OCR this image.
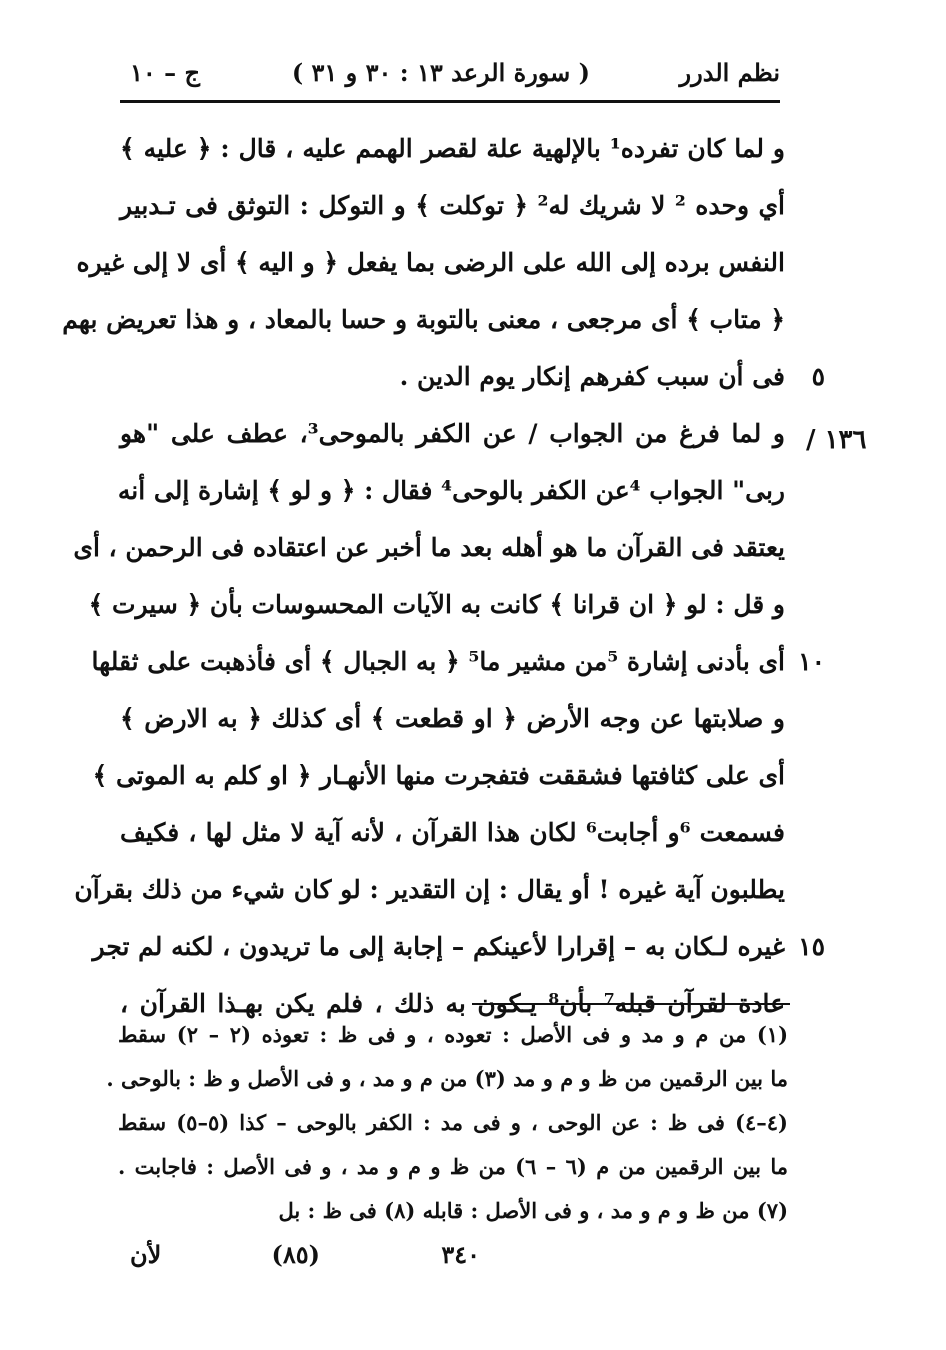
نظم الدرر
( سورة الرعد ١٣ : ٣٠ و ٣١ )
ج – ١٠
١٣٦ /
و لما كان تفرده¹ بالإلهية علة لقصر الهمم عليه ، قال : ﴿ عليه ﴾
أي وحده ² لا شريك له² ﴿ توكلت ﴾ و التوكل : التوثق فى تـدبير
النفس برده إلى الله على الرضى بما يفعل ﴿ و اليه ﴾ أى لا إلى غيره
﴿ متاب ﴾ أى مرجعى ، معنى بالتوبة و حسا بالمعاد ، و هذا تعريض بهم
فى أن سبب كفرهم إنكار يوم الدين . ٥
و لما فرغ من الجواب / عن الكفر بالموحى³، عطف على "هو
ربى" الجواب ⁴عن الكفر بالوحى⁴ فقال : ﴿ و لو ﴾ إشارة إلى أنه
يعتقد فى القرآن ما هو أهله بعد ما أخبر عن اعتقاده فى الرحمن ، أى
و قل : لو ﴿ ان قرانا ﴾ كانت به الآيات المحسوسات بأن ﴿ سيرت ﴾
أى بأدنى إشارة ⁵من مشير ما⁵ ﴿ به الجبال ﴾ أى فأذهبت على ثقلها ١٠
و صلابتها عن وجه الأرض ﴿ او قطعت ﴾ أى كذلك ﴿ به الارض ﴾
أى على كثافتها فشققت فتفجرت منها الأنهـار ﴿ او كلم به الموتى ﴾
فسمعت ⁶و أجابت⁶ لكان هذا القرآن ، لأنه آية لا مثل لها ، فكيف
يطلبون آية غيره ! أو يقال : إن التقدير : لو كان شيء من ذلك بقرآن
غيره لـكان به – إقرارا لأعينكم – إجابة إلى ما تريدون ، لكنه لم تجر ١٥
عادة لقرآن قبله⁷ بأن⁸ يـكون به ذلك ، فلم يكن بهـذا القرآن ،
(١) من م و مد و فى الأصل : تعوده ، و فى ظ : تعوذه (٢ – ٢) سقط
ما بين الرقمين من ظ و م و مد (٣) من م و مد ، و فى الأصل و ظ : بالوحى .
(٤–٤) فى ظ : عن الوحى ، و فى مد : الكفر بالوحى – كذا (٥–٥) سقط
ما بين الرقمين من م (٦ – ٦) من ظ و م و مد ، و فى الأصل : فاجابت .
(٧) من ظ و م و مد ، و فى الأصل : قابله (٨) فى ظ : بل
٣٤٠
(٨٥)
لأن
